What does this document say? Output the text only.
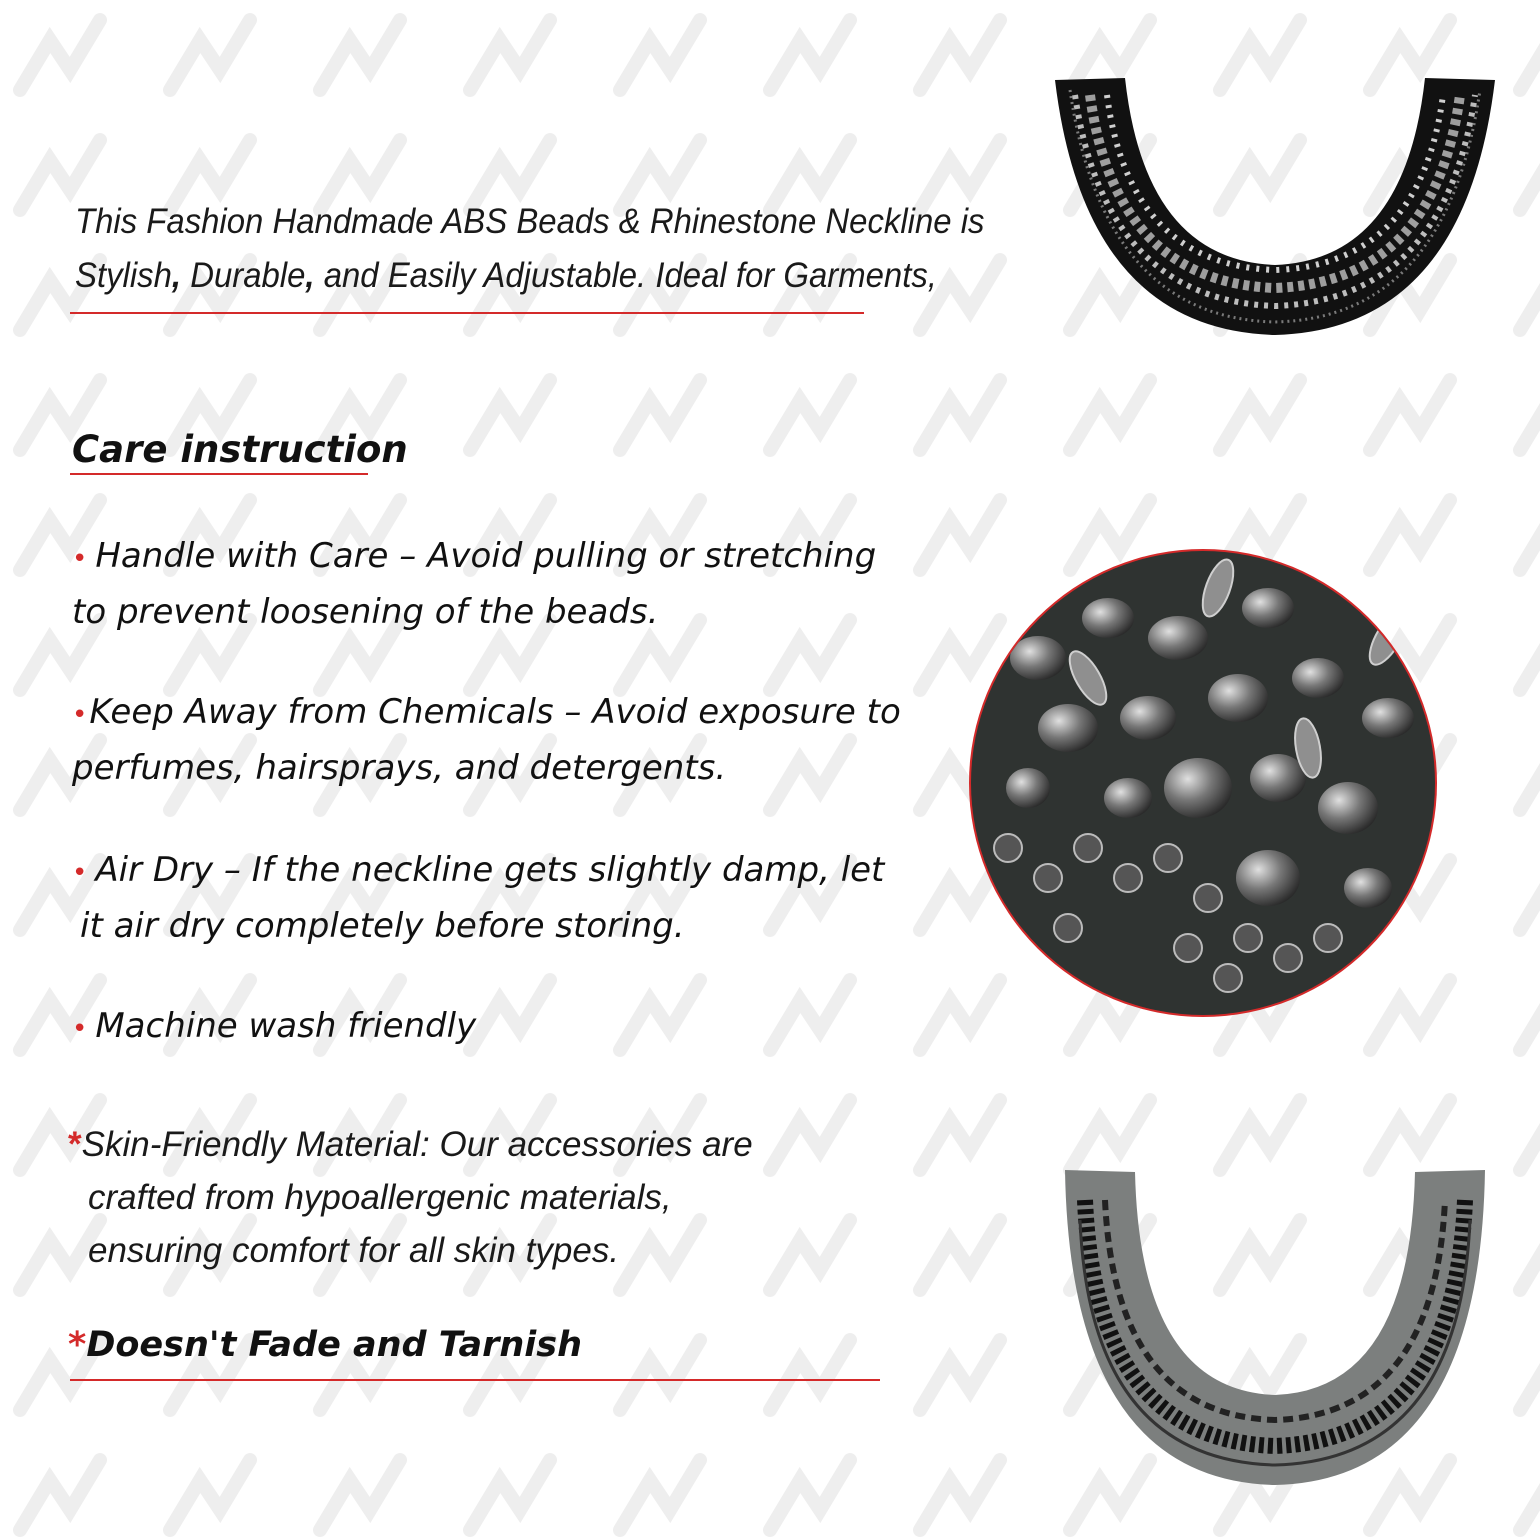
This Fashion Handmade ABS Beads & Rhinestone Neckline is
Stylish, Durable, and Easily Adjustable. Ideal for Garments,

Care instruction

• Handle with Care – Avoid pulling or stretching
to prevent loosening of the beads.

•Keep Away from Chemicals – Avoid exposure to
perfumes, hairsprays, and detergents.

• Air Dry – If the neckline gets slightly damp, let
it air dry completely before storing.

• Machine wash friendly

*Skin-Friendly Material: Our accessories are
crafted from hypoallergenic materials,
ensuring comfort for all skin types.

*Doesn't Fade and Tarnish
